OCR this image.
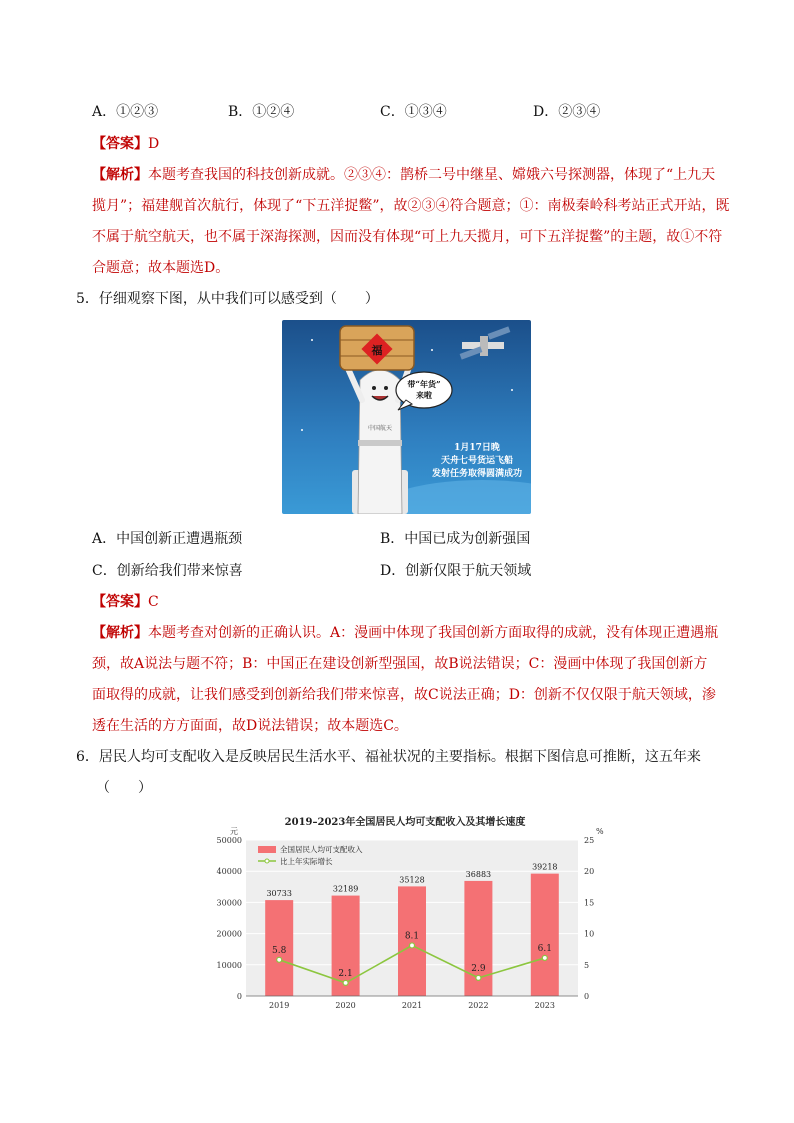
A．①②③	B．①②④	C．①③④	D．②③④
【答案】D
【解析】本题考查我国的科技创新成就。②③④：鹊桥二号中继星、嫦娥六号探测器，体现了“上九天
揽月”；福建舰首次航行，体现了“下五洋捉鳖”，故②③④符合题意；①：南极秦岭科考站正式开站，既
不属于航空航天，也不属于深海探测，因而没有体现“可上九天揽月，可下五洋捉鳖”的主题，故①不符
合题意；故本题选D。
5．仔细观察下图，从中我们可以感受到（　　）
中国航天
福
带“年货”
来啦
1月17日晚
天舟七号货运飞船
发射任务取得圆满成功
A．中国创新正遭遇瓶颈	B．中国已成为创新强国
C．创新给我们带来惊喜	D．创新仅限于航天领域
【答案】C
【解析】本题考查对创新的正确认识。A：漫画中体现了我国创新方面取得的成就，没有体现正遭遇瓶
颈，故A说法与题不符；B：中国正在建设创新型强国，故B说法错误；C：漫画中体现了我国创新方
面取得的成就，让我们感受到创新给我们带来惊喜，故C说法正确；D：创新不仅仅限于航天领域，渗
透在生活的方方面面，故D说法错误；故本题选C。
6．居民人均可支配收入是反映居民生活水平、福祉状况的主要指标。根据下图信息可推断，这五年来
（　　）
2019–2023年全国居民人均可支配收入及其增长速度
元	%
30733
32189
35128
36883
39218
5.8
2.1
8.1
2.9
6.1
0
10000
20000
30000
40000
50000
0
5
10
15
20
25
2019	2020	2021	2022	2023
全国居民人均可支配收入
比上年实际增长
